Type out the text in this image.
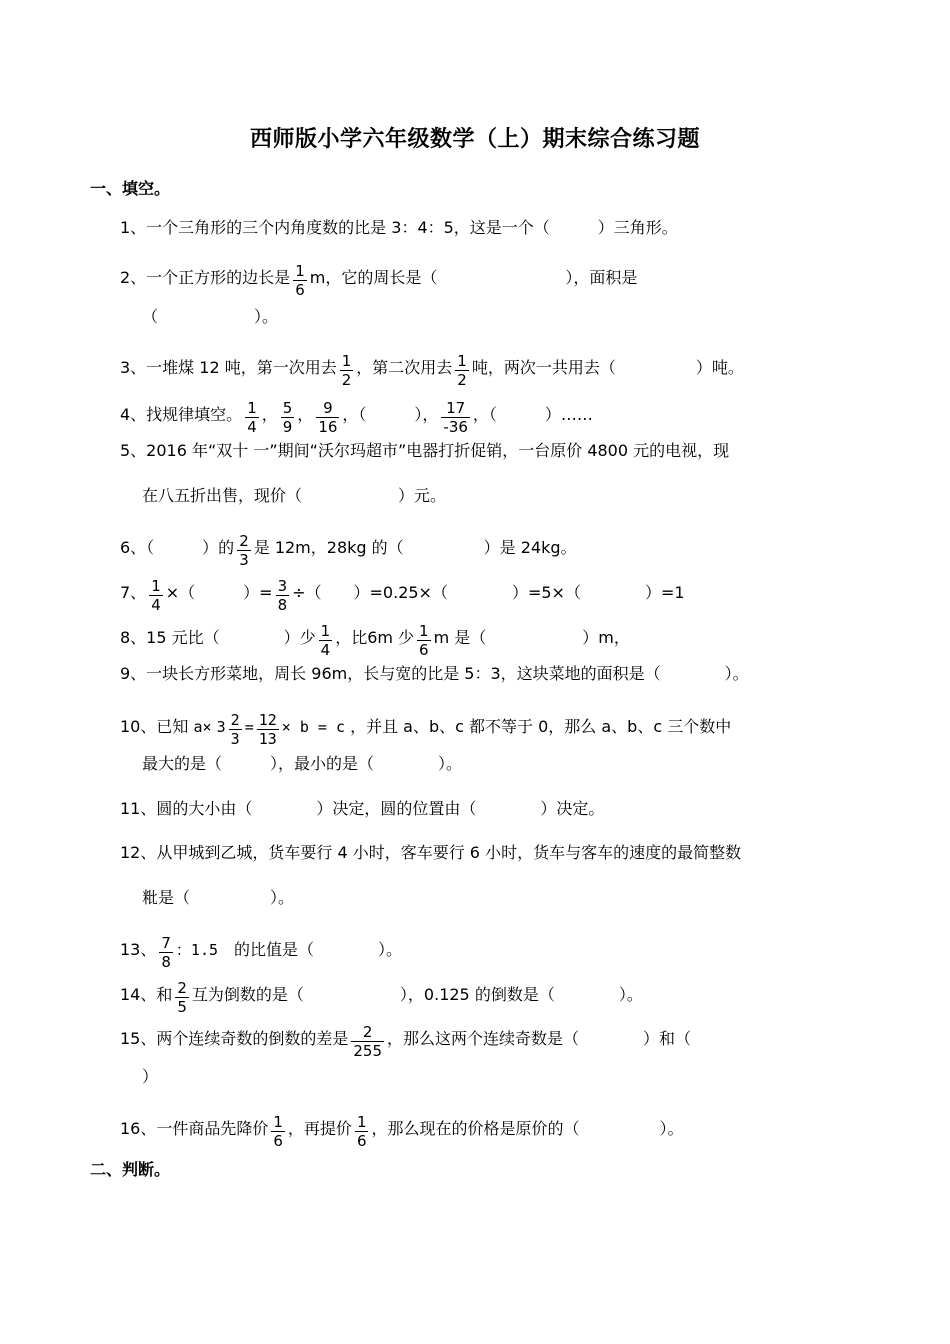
西师版小学六年级数学（上）期末综合练习题
一、填空。
1、一个三角形的三个内角度数的比是 3：4：5，这是一个（　　　）三角形。
2、一个正方形的边长是 $\frac{1}{6}$ m，它的周长是（　　　　　　　　），面积是
（　　　　　　）。
3、一堆煤 12 吨，第一次用去 $\frac{1}{2}$ ，第二次用去 $\frac{1}{2}$ 吨，两次一共用去（　　　　　）吨。
4、找规律填空。 $\frac{1}{4}$ ， $\frac{5}{9}$ ， $\frac{9}{16}$ ，（　　　）， $\frac{17}{-36}$ ，（　　　）……
5、2016 年“双十 一”期间“沃尔玛超市”电器打折促销，一台原价 4800 元的电视，现
在八五折出售，现价（　　　　　　）元。
6、（　　　）的 $\frac{2}{3}$ 是 12m，28kg 的（　　　　　）是 24kg。
7、 $\frac{1}{4}$ ×（　　　）= $\frac{3}{8}$ ÷（　　）=0.25×（　　　　）=5×（　　　　）=1
8、15 元比（　　　　）少 $\frac{1}{4}$ ，比6m 少 $\frac{1}{6}$ m 是（　　　　　　）m，
9、一块长方形菜地，周长 96m，长与宽的比是 5：3，这块菜地的面积是（　　　　）。
10、已知 $a\times 3 \frac{2}{3} = \frac{12}{13} \times b = c$ ，并且 a、b、c 都不等于 0，那么 a、b、c 三个数中
最大的是（　　　），最小的是（　　　　）。
11、圆的大小由（　　　　）决定，圆的位置由（　　　　）决定。
12、从甲城到乙城，货车要行 4 小时，客车要行 6 小时，货车与客车的速度的最简整数
粃是（　　　　　）。
13、 $\frac{7}{8}$ ：1.5　 的比值是（　　　　）。
14、和 $\frac{2}{5}$ 互为倒数的是（　　　　　　），0.125 的倒数是（　　　　）。
15、两个连续奇数的倒数的差是 $\frac{2}{255}$ ，那么这两个连续奇数是（　　　　）和（
）
16、一件商品先降价 $\frac{1}{6}$ ，再提价 $\frac{1}{6}$ ，那么现在的价格是原价的（　　　　　）。
二、判断。
